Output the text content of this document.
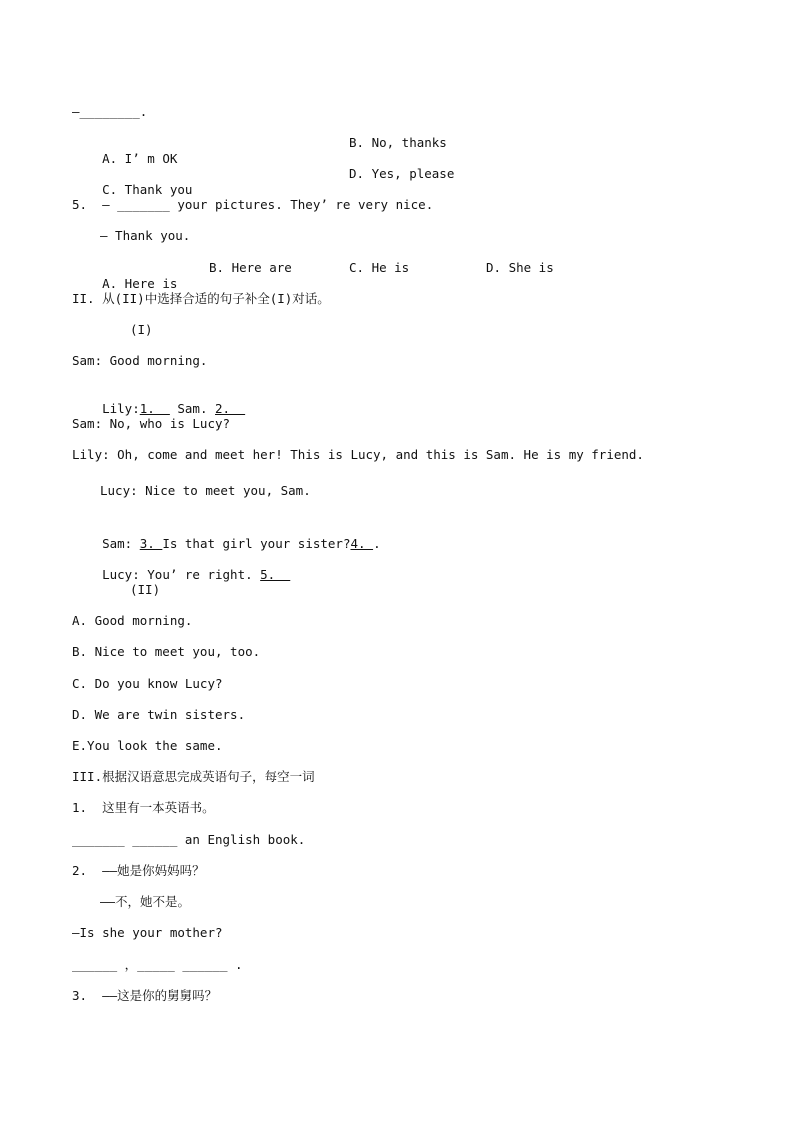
—________.

A. I’ m OK

B. No, thanks

C. Thank you

D. Yes, please

5.  — _______ your pictures. They’ re very nice.
— Thank you.

A. Here is

B. Here are

	C. He is

	D. She is

II. 从(II)中选择合适的句子补全(I)对话。
(I)
Sam: Good morning.

Lily:1.   Sam. 2.

Sam: No, who is Lucy?
Lily: Oh, come and meet her! This is Lucy, and this is Sam. He is my friend.
Lucy: Nice to meet you, Sam.

Sam: 3. Is that girl your sister?4. .

Lucy: You’ re right. 5.

(II)
A. Good morning.
B. Nice to meet you, too.
C. Do you know Lucy?
D. We are twin sisters.
E.You look the same.
III.根据汉语意思完成英语句子，每空一词
1.  这里有一本英语书。
_______ ______ an English book.
2.  ——她是你妈妈吗？
——不，她不是。
—Is she your mother?
______ ，_____ ______ .
3.  ——这是你的舅舅吗？
